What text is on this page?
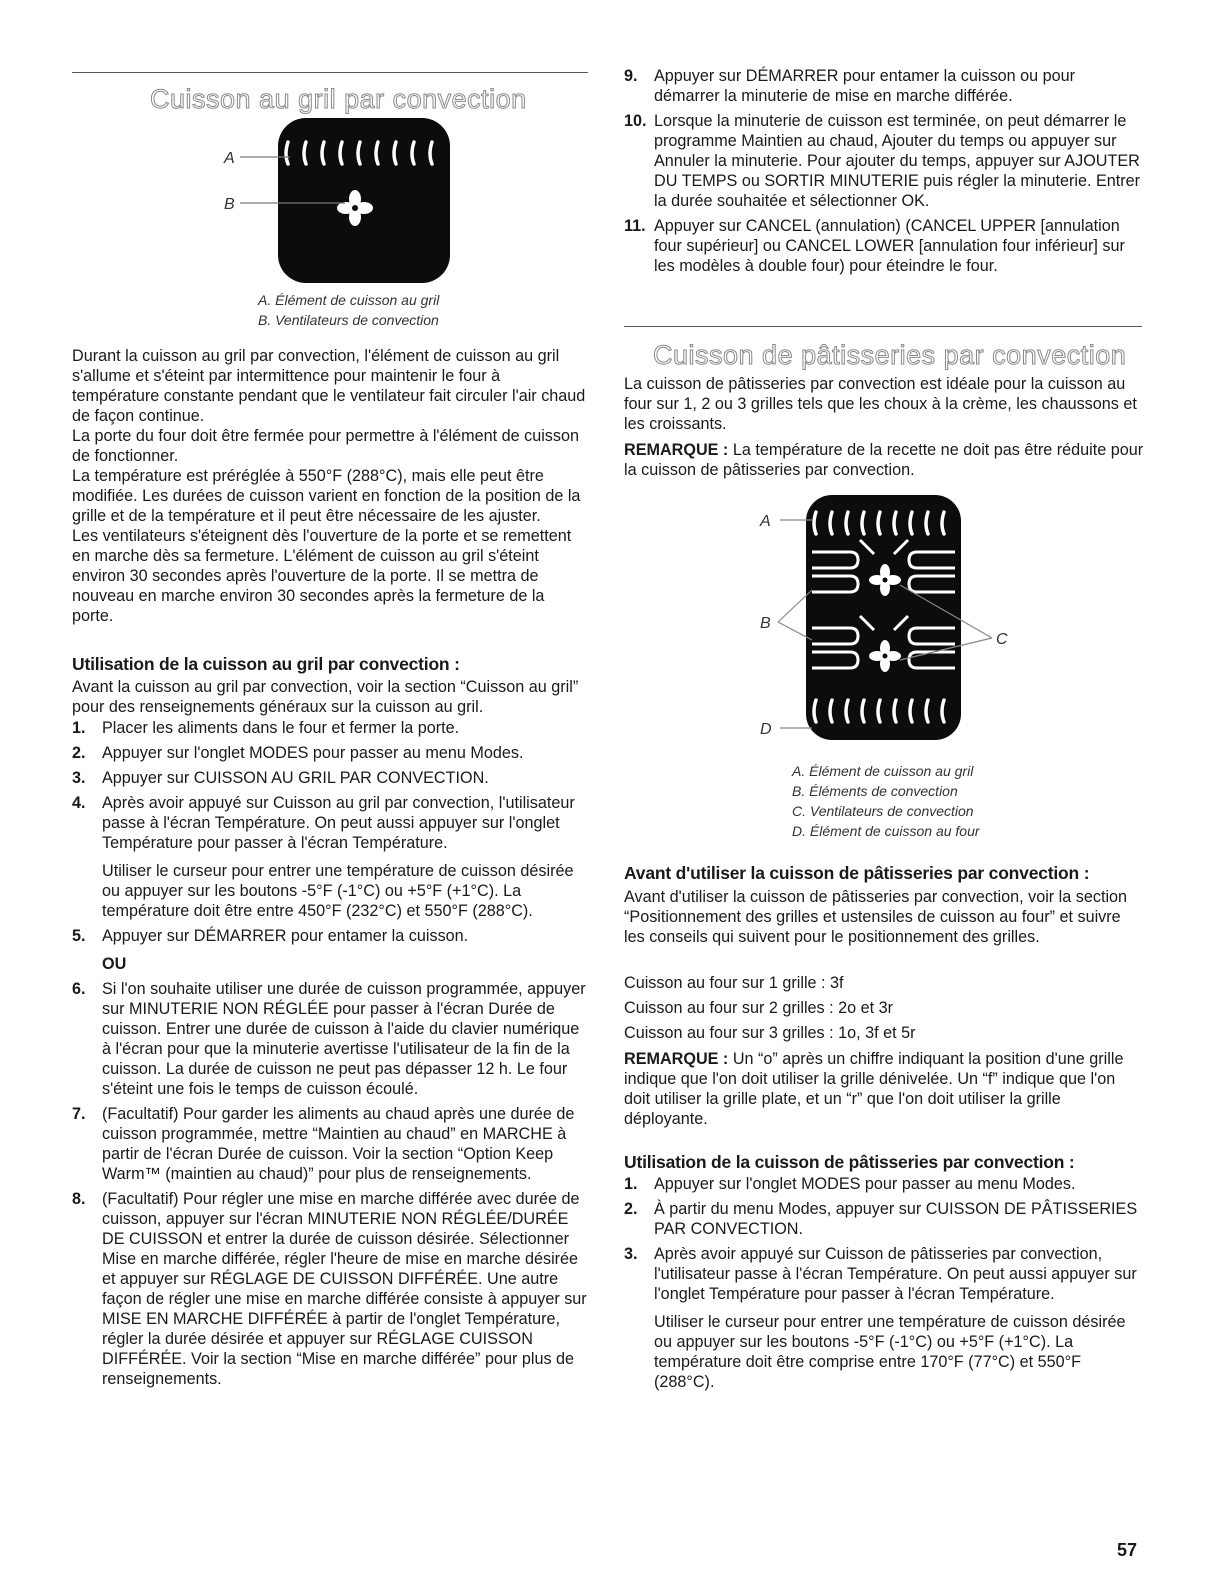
Cuisson au gril par convection
A
B
A. Élément de cuisson au gril
B. Ventilateurs de convection

Durant la cuisson au gril par convection, l'élément de cuisson au gril s'allume et s'éteint par intermittence pour maintenir le four à température constante pendant que le ventilateur fait circuler l'air chaud de façon continue.

La porte du four doit être fermée pour permettre à l'élément de cuisson de fonctionner.

La température est préréglée à 550°F (288°C), mais elle peut être modifiée. Les durées de cuisson varient en fonction de la position de la grille et de la température et il peut être nécessaire de les ajuster.

Les ventilateurs s'éteignent dès l'ouverture de la porte et se remettent en marche dès sa fermeture. L'élément de cuisson au gril s'éteint environ 30 secondes après l'ouverture de la porte. Il se mettra de nouveau en marche environ 30 secondes après la fermeture de la porte.

Utilisation de la cuisson au gril par convection :

Avant la cuisson au gril par convection, voir la section “Cuisson au gril” pour des renseignements généraux sur la cuisson au gril.

1. Placer les aliments dans le four et fermer la porte.
2. Appuyer sur l'onglet MODES pour passer au menu Modes.
3. Appuyer sur CUISSON AU GRIL PAR CONVECTION.
4. Après avoir appuyé sur Cuisson au gril par convection, l'utilisateur passe à l'écran Température. On peut aussi appuyer sur l'onglet Température pour passer à l'écran Température.
Utiliser le curseur pour entrer une température de cuisson désirée ou appuyer sur les boutons -5°F (-1°C) ou +5°F (+1°C). La température doit être entre 450°F (232°C) et 550°F (288°C).
5. Appuyer sur DÉMARRER pour entamer la cuisson.
OU
6. Si l'on souhaite utiliser une durée de cuisson programmée, appuyer sur MINUTERIE NON RÉGLÉE pour passer à l'écran Durée de cuisson. Entrer une durée de cuisson à l'aide du clavier numérique à l'écran pour que la minuterie avertisse l'utilisateur de la fin de la cuisson. La durée de cuisson ne peut pas dépasser 12 h. Le four s'éteint une fois le temps de cuisson écoulé.
7. (Facultatif) Pour garder les aliments au chaud après une durée de cuisson programmée, mettre “Maintien au chaud” en MARCHE à partir de l'écran Durée de cuisson. Voir la section “Option Keep Warm™ (maintien au chaud)” pour plus de renseignements.
8. (Facultatif) Pour régler une mise en marche différée avec durée de cuisson, appuyer sur l'écran MINUTERIE NON RÉGLÉE/DURÉE DE CUISSON et entrer la durée de cuisson désirée. Sélectionner Mise en marche différée, régler l'heure de mise en marche désirée et appuyer sur RÉGLAGE DE CUISSON DIFFÉRÉE. Une autre façon de régler une mise en marche différée consiste à appuyer sur MISE EN MARCHE DIFFÉRÉE à partir de l'onglet Température, régler la durée désirée et appuyer sur RÉGLAGE CUISSON DIFFÉRÉE. Voir la section “Mise en marche différée” pour plus de renseignements.
9. Appuyer sur DÉMARRER pour entamer la cuisson ou pour démarrer la minuterie de mise en marche différée.
10. Lorsque la minuterie de cuisson est terminée, on peut démarrer le programme Maintien au chaud, Ajouter du temps ou appuyer sur Annuler la minuterie. Pour ajouter du temps, appuyer sur AJOUTER DU TEMPS ou SORTIR MINUTERIE puis régler la minuterie. Entrer la durée souhaitée et sélectionner OK.
11. Appuyer sur CANCEL (annulation) (CANCEL UPPER [annulation four supérieur] ou CANCEL LOWER [annulation four inférieur] sur les modèles à double four) pour éteindre le four.
Cuisson de pâtisseries par convection

La cuisson de pâtisseries par convection est idéale pour la cuisson au four sur 1, 2 ou 3 grilles tels que les choux à la crème, les chaussons et les croissants.

REMARQUE : La température de la recette ne doit pas être réduite pour la cuisson de pâtisseries par convection.

A
B
C
D
A. Élément de cuisson au gril
B. Éléments de convection
C. Ventilateurs de convection
D. Élément de cuisson au four
Avant d'utiliser la cuisson de pâtisseries par convection :

Avant d'utiliser la cuisson de pâtisseries par convection, voir la section “Positionnement des grilles et ustensiles de cuisson au four” et suivre les conseils qui suivent pour le positionnement des grilles.

Cuisson au four sur 1 grille : 3f

Cuisson au four sur 2 grilles : 2o et 3r

Cuisson au four sur 3 grilles : 1o, 3f et 5r

REMARQUE : Un “o” après un chiffre indiquant la position d'une grille indique que l'on doit utiliser la grille dénivelée. Un “f” indique que l'on doit utiliser la grille plate, et un “r” que l'on doit utiliser la grille déployante.

Utilisation de la cuisson de pâtisseries par convection :
1. Appuyer sur l'onglet MODES pour passer au menu Modes.
2. À partir du menu Modes, appuyer sur CUISSON DE PÂTISSERIES PAR CONVECTION.
3. Après avoir appuyé sur Cuisson de pâtisseries par convection, l'utilisateur passe à l'écran Température. On peut aussi appuyer sur l'onglet Température pour passer à l'écran Température.
Utiliser le curseur pour entrer une température de cuisson désirée ou appuyer sur les boutons -5°F (-1°C) ou +5°F (+1°C). La température doit être comprise entre 170°F (77°C) et 550°F (288°C).
57
